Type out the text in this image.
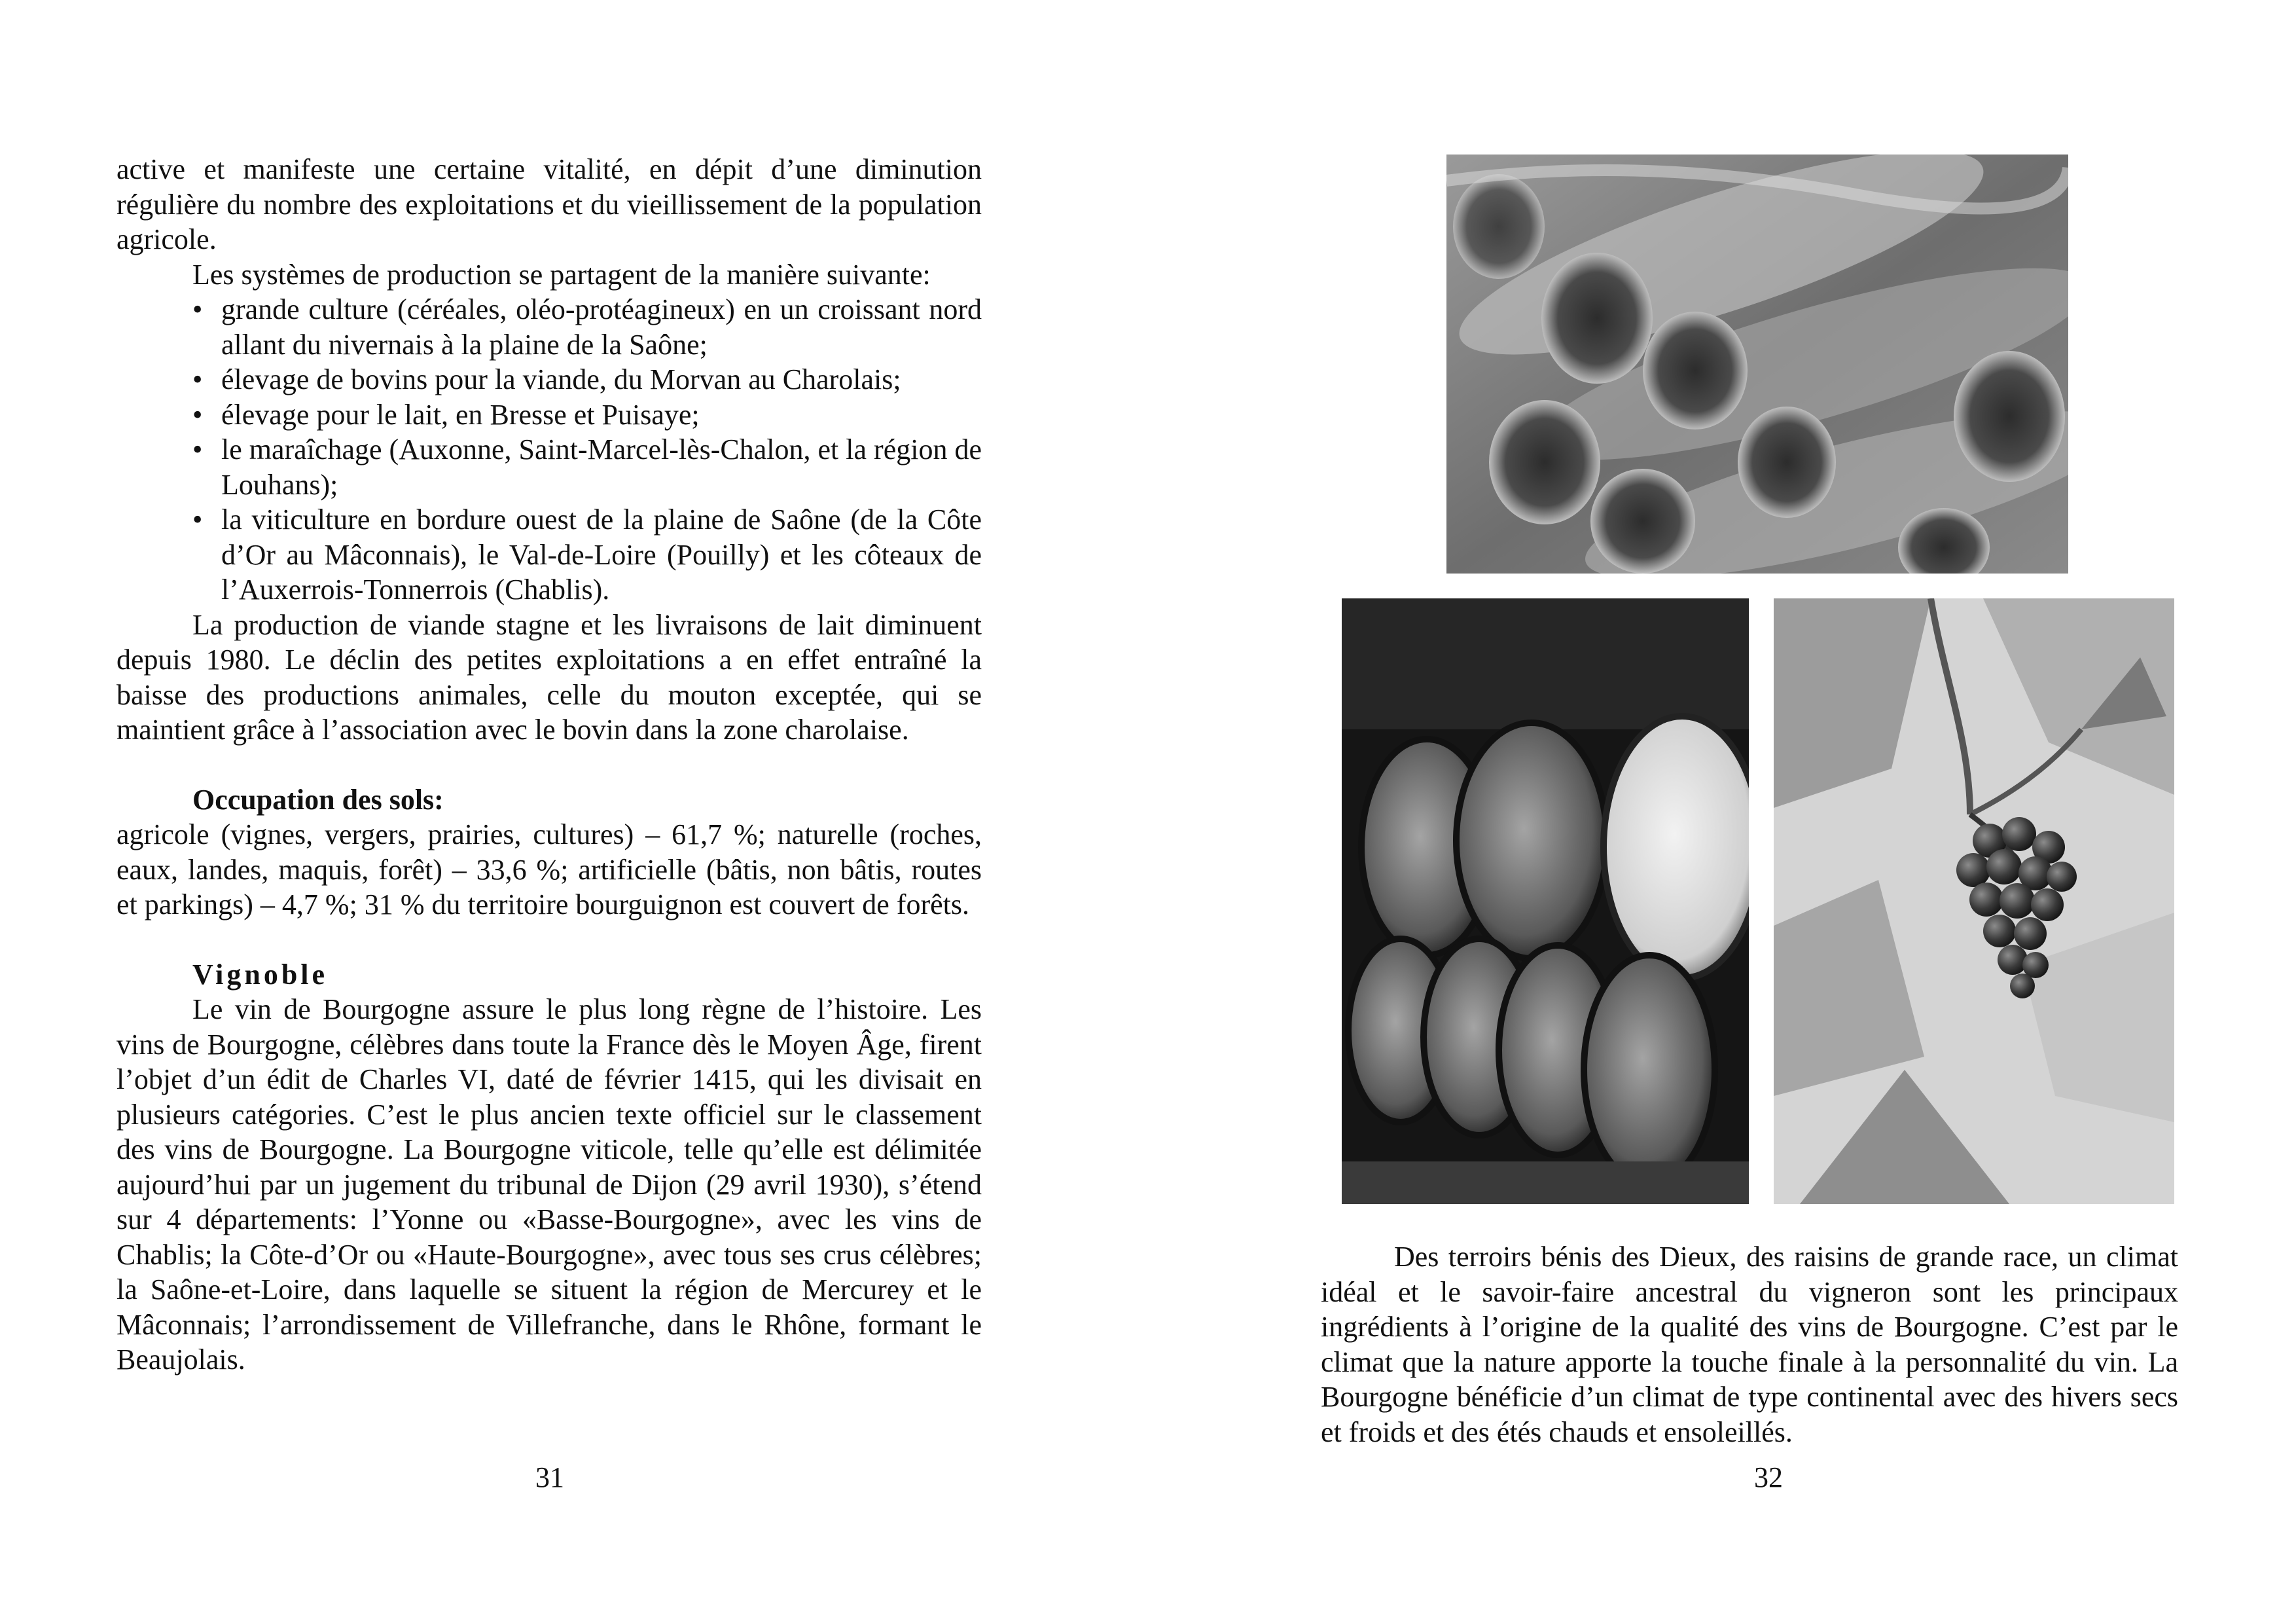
active et manifeste une certaine vitalité, en dépit d’une diminution régulière du nombre des exploitations et du vieillissement de la population agricole.

Les systèmes de production se partagent de la manière suivante:

• grande culture (céréales, oléo-protéagineux) en un croissant nord allant du nivernais à la plaine de la Saône;
• élevage de bovins pour la viande, du Morvan au Charolais;
• élevage pour le lait, en Bresse et Puisaye;
• le maraîchage (Auxonne, Saint-Marcel-lès-Chalon, et la région de Louhans);
• la viticulture en bordure ouest de la plaine de Saône (de la Côte d’Or au Mâconnais), le Val-de-Loire (Pouilly) et les côteaux de l’Auxerrois-Tonnerrois (Chablis).

La production de viande stagne et les livraisons de lait diminuent depuis 1980. Le déclin des petites exploitations a en effet entraîné la baisse des productions animales, celle du mouton exceptée, qui se maintient grâce à l’association avec le bovin dans la zone charolaise.

Occupation des sols:

agricole (vignes, vergers, prairies, cultures) – 61,7 %; naturelle (roches, eaux, landes, maquis, forêt) – 33,6 %; artificielle (bâtis, non bâtis, routes et parkings) – 4,7 %; 31 % du territoire bourguignon est couvert de forêts.

Vignoble

Le vin de Bourgogne assure le plus long règne de l’histoire. Les vins de Bourgogne, célèbres dans toute la France dès le Moyen Âge, firent l’objet d’un édit de Charles VI, daté de février 1415, qui les divisait en plusieurs catégories. C’est le plus ancien texte officiel sur le classement des vins de Bourgogne. La Bourgogne viticole, telle qu’elle est délimitée aujourd’hui par un jugement du tribunal de Dijon (29 avril 1930), s’étend sur 4 départements: l’Yonne ou «Basse-Bourgogne», avec les vins de Chablis; la Côte-d’Or ou «Haute-Bourgogne», avec tous ses crus célèbres; la Saône-et-Loire, dans laquelle se situent la région de Mercurey et le Mâconnais; l’arrondissement de Villefranche, dans le Rhône, formant le Beaujolais.

31

Des terroirs bénis des Dieux, des raisins de grande race, un climat idéal et le savoir-faire ancestral du vigneron sont les principaux ingrédients à l’origine de la qualité des vins de Bourgogne. C’est par le climat que la nature apporte la touche finale à la personnalité du vin. La Bourgogne bénéficie d’un climat de type continental avec des hivers secs et froids et des étés chauds et ensoleillés.

32
